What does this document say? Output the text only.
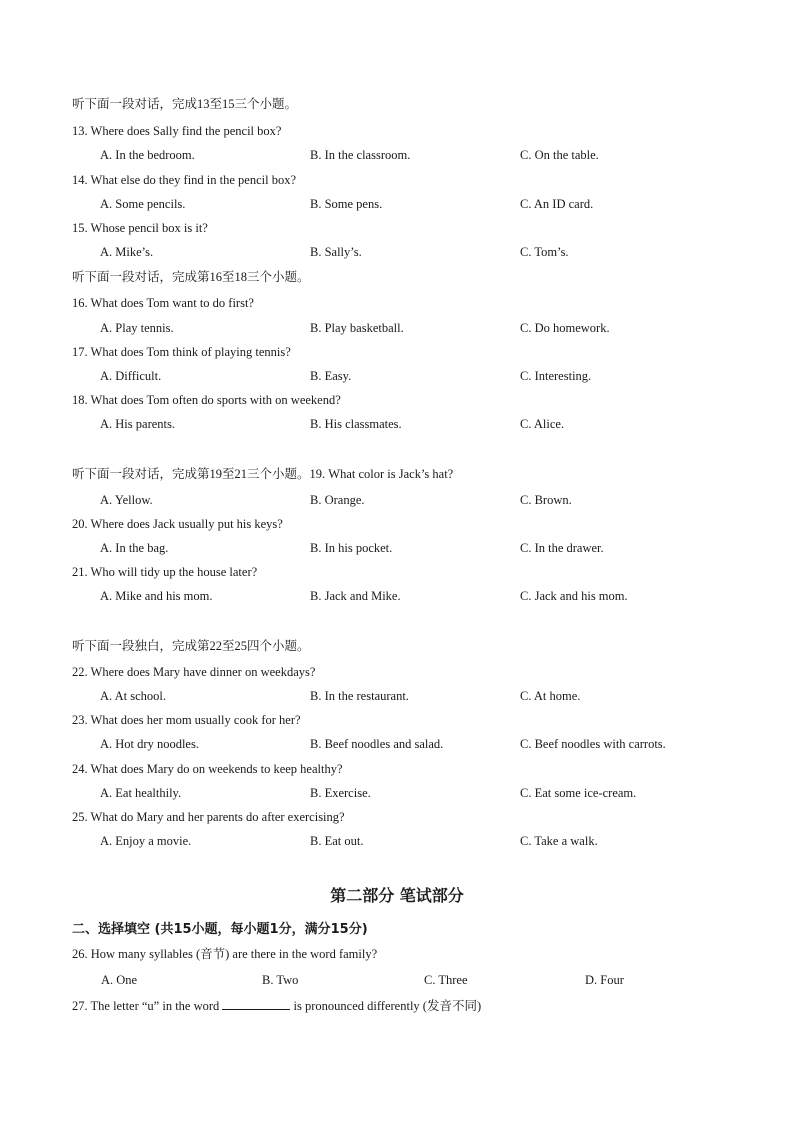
听下面一段对话，完成13至15三个小题。
13. Where does Sally find the pencil box?
A. In the bedroom.	B. In the classroom.	C. On the table.
14. What else do they find in the pencil box?
A. Some pencils.	B. Some pens.	C. An ID card.
15. Whose pencil box is it?
A. Mike’s.	B. Sally’s.	C. Tom’s.
听下面一段对话，完成第16至18三个小题。
16. What does Tom want to do first?
A. Play tennis.	B. Play basketball.	C. Do homework.
17. What does Tom think of playing tennis?
A. Difficult.	B. Easy.	C. Interesting.
18. What does Tom often do sports with on weekend?
A. His parents.	B. His classmates.	C. Alice.
听下面一段对话，完成第19至21三个小题。19. What color is Jack’s hat?
A. Yellow.	B. Orange.	C. Brown.
20. Where does Jack usually put his keys?
A. In the bag.	B. In his pocket.	C. In the drawer.
21. Who will tidy up the house later?
A. Mike and his mom.	B. Jack and Mike.	C. Jack and his mom.
听下面一段独白，完成第22至25四个小题。
22. Where does Mary have dinner on weekdays?
A. At school.	B. In the restaurant.	C. At home.
23. What does her mom usually cook for her?
A. Hot dry noodles.	B. Beef noodles and salad.	C. Beef noodles with carrots.
24. What does Mary do on weekends to keep healthy?
A. Eat healthily.	B. Exercise.	C. Eat some ice-cream.
25. What do Mary and her parents do after exercising?
A. Enjoy a movie.	B. Eat out.	C. Take a walk.
第二部分 笔试部分
二、选择填空 (共15小题，每小题1分，满分15分)
26. How many syllables (音节) are there in the word family?
A. One	B. Two	C. Three	D. Four
27. The letter “u” in the word	is pronounced differently (发音不同)
